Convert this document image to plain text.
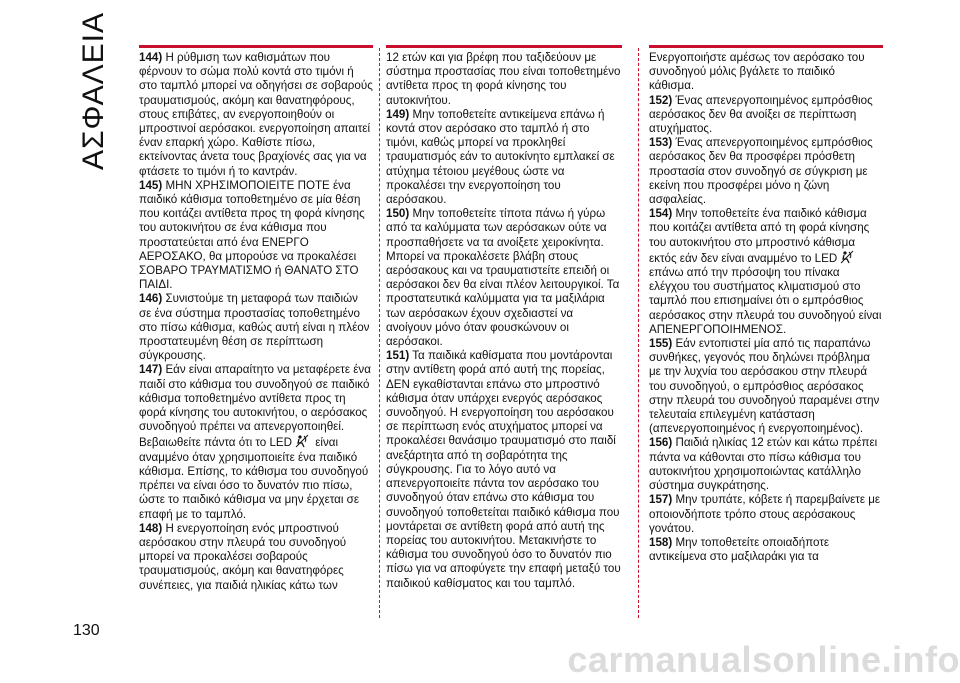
ΑΣΦΑΛΕΙΑ	144) Η ρύθμιση των καθισμάτων που φέρνουν το σώμα πολύ κοντά στο τιμόνι ή στο ταμπλό μπορεί να οδηγήσει σε σοβαρούς τραυματισμούς, ακόμη και θανατηφόρους, στους επιβάτες, αν ενεργοποιηθούν οι μπροστινοί αερόσακοι. ενεργοποίηση απαιτεί έναν επαρκή χώρο. Καθίστε πίσω, εκτείνοντας άνετα τους βραχίονές σας για να φτάσετε το τιμόνι ή το καντράν.

145) ΜΗΝ ΧΡΗΣΙΜΟΠΟΙΕΙΤΕ ΠΟΤΕ ένα παιδικό κάθισμα τοποθετημένο σε μία θέση που κοιτάζει αντίθετα προς τη φορά κίνησης του αυτοκινήτου σε ένα κάθισμα που προστατεύεται από ένα ΕΝΕΡΓΟ ΑΕΡΟΣΑΚΟ, θα μπορούσε να προκαλέσει ΣΟΒΑΡΟ ΤΡΑΥΜΑΤΙΣΜΟ ή ΘΑΝΑΤΟ ΣΤΟ ΠΑΙΔΙ.

146) Συνιστούμε τη μεταφορά των παιδιών σε ένα σύστημα προστασίας τοποθετημένο στο πίσω κάθισμα, καθώς αυτή είναι η πλέον προστατευμένη θέση σε περίπτωση σύγκρουσης.

147) Εάν είναι απαραίτητο να μεταφέρετε ένα παιδί στο κάθισμα του συνοδηγού σε παιδικό κάθισμα τοποθετημένο αντίθετα προς τη φορά κίνησης του αυτοκινήτου, ο αερόσακος συνοδηγού πρέπει να απενεργοποιηθεί. Βεβαιωθείτε πάντα ότι το LED είναι αναμμένο όταν χρησιμοποιείτε ένα παιδικό κάθισμα. Επίσης, το κάθισμα του συνοδηγού πρέπει να είναι όσο το δυνατόν πιο πίσω, ώστε το παιδικό κάθισμα να μην έρχεται σε επαφή με το ταμπλό.

148) Η ενεργοποίηση ενός μπροστινού αερόσακου στην πλευρά του συνοδηγού μπορεί να προκαλέσει σοβαρούς τραυματισμούς, ακόμη και θανατηφόρες συνέπειες, για παιδιά ηλικίας κάτω των

12 ετών και για βρέφη που ταξιδεύουν με σύστημα προστασίας που είναι τοποθετημένο αντίθετα προς τη φορά κίνησης του αυτοκινήτου.

149) Μην τοποθετείτε αντικείμενα επάνω ή κοντά στον αερόσακο στο ταμπλό ή στο τιμόνι, καθώς μπορεί να προκληθεί τραυματισμός εάν το αυτοκίνητο εμπλακεί σε ατύχημα τέτοιου μεγέθους ώστε να προκαλέσει την ενεργοποίηση του αερόσακου.

150) Μην τοποθετείτε τίποτα πάνω ή γύρω από τα καλύμματα των αερόσακων ούτε να προσπαθήσετε να τα ανοίξετε χειροκίνητα. Μπορεί να προκαλέσετε βλάβη στους αερόσακους και να τραυματιστείτε επειδή οι αερόσακοι δεν θα είναι πλέον λειτουργικοί. Τα προστατευτικά καλύμματα για τα μαξιλάρια των αερόσακων έχουν σχεδιαστεί να ανοίγουν μόνο όταν φουσκώνουν οι αερόσακοι.

151) Τα παιδικά καθίσματα που μοντάρονται στην αντίθετη φορά από αυτή της πορείας, ΔΕΝ εγκαθίστανται επάνω στο μπροστινό κάθισμα όταν υπάρχει ενεργός αερόσακος συνοδηγού. Η ενεργοποίηση του αερόσακου σε περίπτωση ενός ατυχήματος μπορεί να προκαλέσει θανάσιμο τραυματισμό στο παιδί ανεξάρτητα από τη σοβαρότητα της σύγκρουσης. Για το λόγο αυτό να απενεργοποιείτε πάντα τον αερόσακο του συνοδηγού όταν επάνω στο κάθισμα του συνοδηγού τοποθετείται παιδικό κάθισμα που μοντάρεται σε αντίθετη φορά από αυτή της πορείας του αυτοκινήτου. Μετακινήστε το κάθισμα του συνοδηγού όσο το δυνατόν πιο πίσω για να αποφύγετε την επαφή μεταξύ του παιδικού καθίσματος και του ταμπλό.

Ενεργοποιήστε αμέσως τον αερόσακο του συνοδηγού μόλις βγάλετε το παιδικό κάθισμα.

152) Ένας απενεργοποιημένος εμπρόσθιος αερόσακος δεν θα ανοίξει σε περίπτωση ατυχήματος.

153) Ένας απενεργοποιημένος εμπρόσθιος αερόσακος δεν θα προσφέρει πρόσθετη προστασία στον συνοδηγό σε σύγκριση με εκείνη που προσφέρει μόνο η ζώνη ασφαλείας.

154) Μην τοποθετείτε ένα παιδικό κάθισμα που κοιτάζει αντίθετα από τη φορά κίνησης του αυτοκινήτου στο μπροστινό κάθισμα εκτός εάν δεν είναι αναμμένο το LED επάνω από την πρόσοψη του πίνακα ελέγχου του συστήματος κλιματισμού στο ταμπλό που επισημαίνει ότι ο εμπρόσθιος αερόσακος στην πλευρά του συνοδηγού είναι ΑΠΕΝΕΡΓΟΠΟΙΗΜΕΝΟΣ.

155) Εάν εντοπιστεί μία από τις παραπάνω συνθήκες, γεγονός που δηλώνει πρόβλημα με την λυχνία του αερόσακου στην πλευρά του συνοδηγού, ο εμπρόσθιος αερόσακος στην πλευρά του συνοδηγού παραμένει στην τελευταία επιλεγμένη κατάσταση (απενεργοποιημένος ή ενεργοποιημένος).

156) Παιδιά ηλικίας 12 ετών και κάτω πρέπει πάντα να κάθονται στο πίσω κάθισμα του αυτοκινήτου χρησιμοποιώντας κατάλληλο σύστημα συγκράτησης.

157) Μην τρυπάτε, κόβετε ή παρεμβαίνετε με οποιονδήποτε τρόπο στους αερόσακους γονάτου.

158) Μην τοποθετείτε οποιαδήποτε αντικείμενα στο μαξιλαράκι για τα

130
carmanualsonline.info
